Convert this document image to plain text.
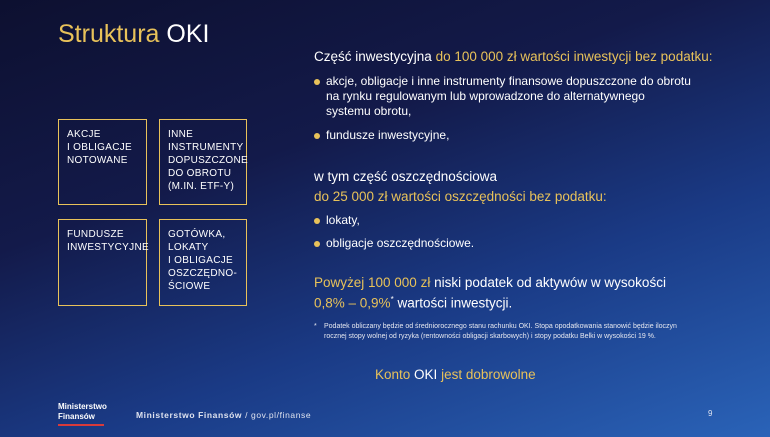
Struktura OKI
AKCJE
I OBLIGACJE
NOTOWANE
INNE
INSTRUMENTY
DOPUSZCZONE
DO OBROTU
(M.IN. ETF-Y)
FUNDUSZE
INWESTYCYJNE
GOTÓWKA,
LOKATY
I OBLIGACJE
OSZCZĘDNO-
ŚCIOWE
Część inwestycyjna do 100 000 zł wartości inwestycji bez podatku:
akcje, obligacje i inne instrumenty finansowe dopuszczone do obrotu
na rynku regulowanym lub wprowadzone do alternatywnego
systemu obrotu,
fundusze inwestycyjne,
w tym część oszczędnościowa
do 25 000 zł wartości oszczędności bez podatku:
lokaty,
obligacje oszczędnościowe.
Powyżej 100 000 zł niski podatek od aktywów w wysokości
0,8% – 0,9%* wartości inwestycji.
* Podatek obliczany będzie od średniorocznego stanu rachunku OKI. Stopa opodatkowania stanowić będzie iloczyn
rocznej stopy wolnej od ryzyka (rentowności obligacji skarbowych) i stopy podatku Belki w wysokości 19 %.
Konto OKI jest dobrowolne
Ministerstwo
Finansów	Ministerstwo Finansów / gov.pl/finanse	9
